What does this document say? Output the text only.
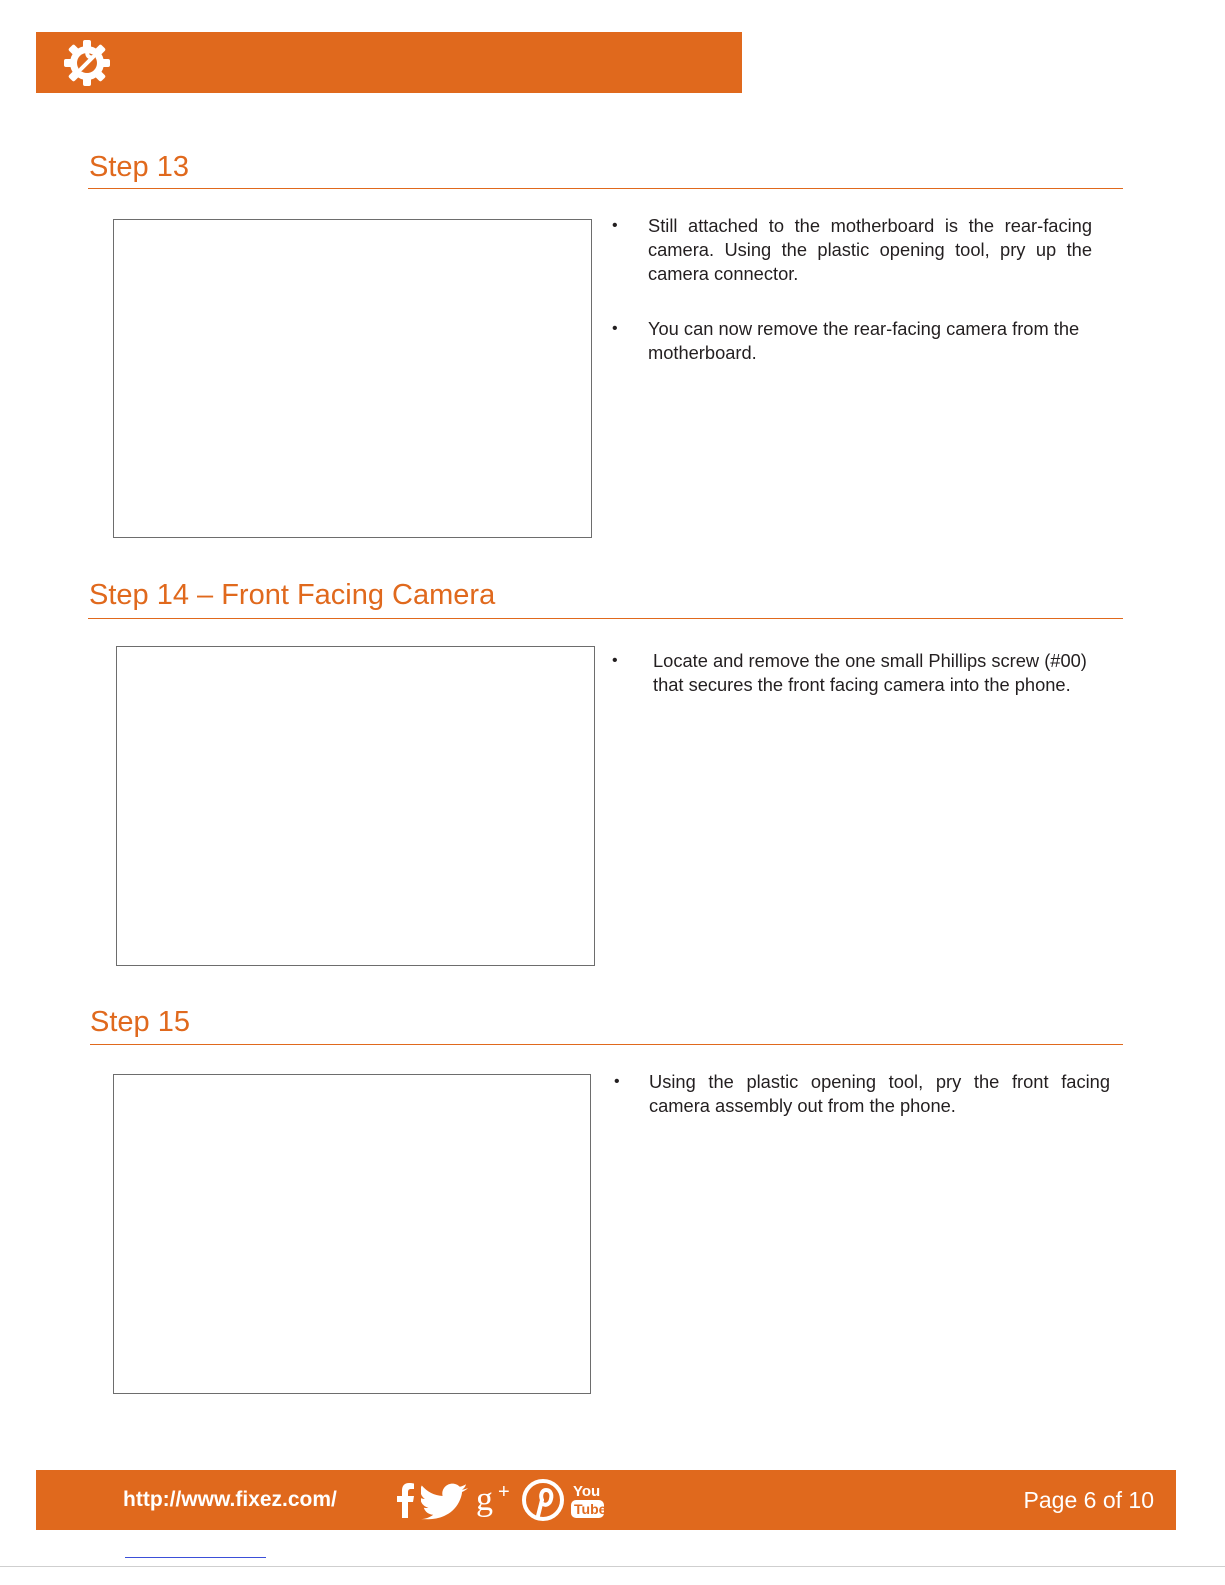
Step 13
• Still attached to the motherboard is the rear-facing camera. Using the plastic opening tool, pry up the camera connector.
• You can now remove the rear-facing camera from the motherboard.
Step 14 – Front Facing Camera
• Locate and remove the one small Phillips screw (#00) that secures the front facing camera into the phone.
Step 15
• Using the plastic opening tool, pry the front facing camera assembly out from the phone.
http://www.fixez.com/	g +	You
Tube	Page 6 of 10
